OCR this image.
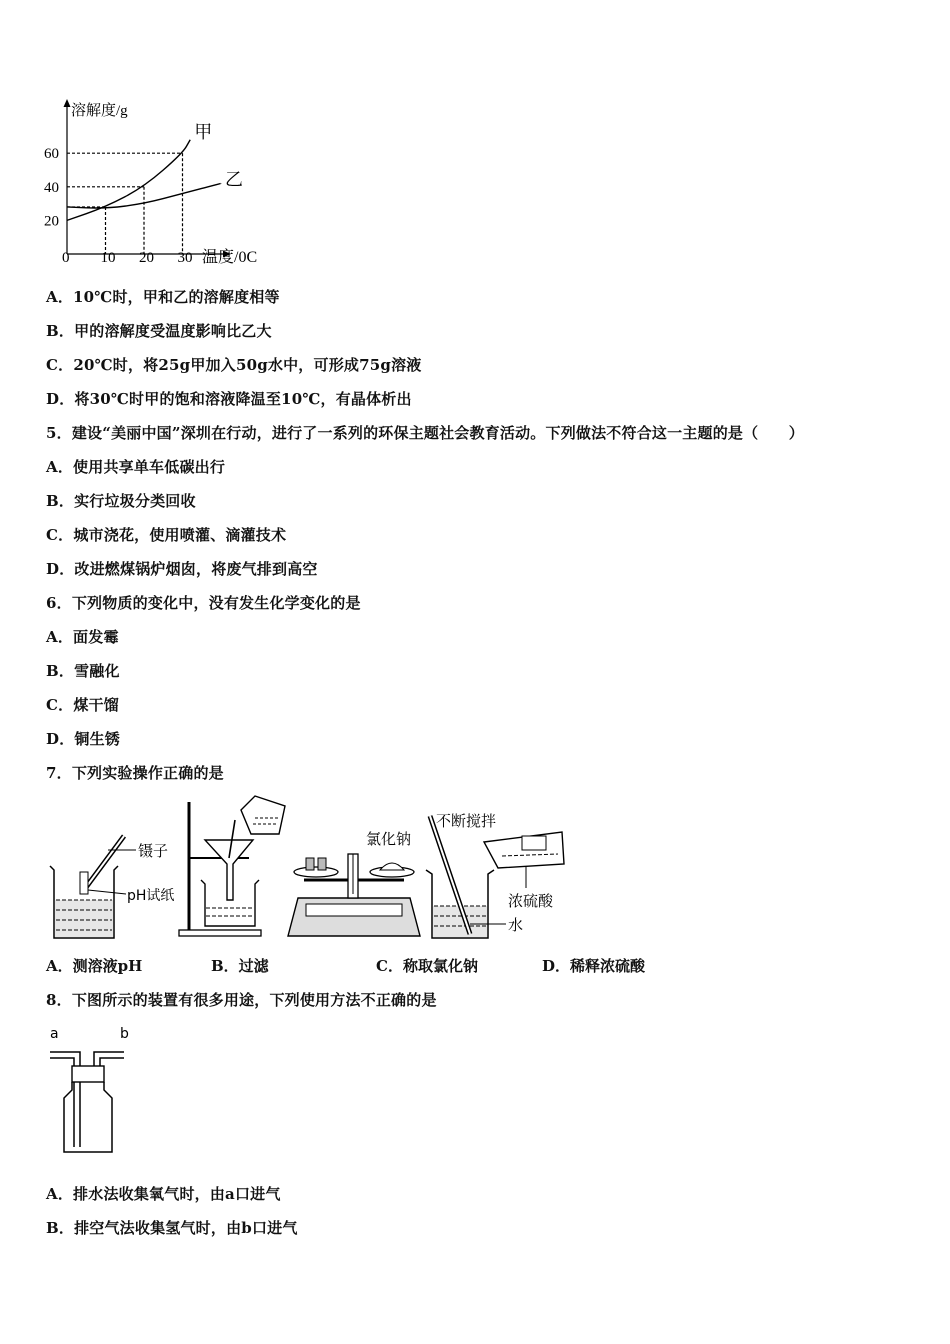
溶解度/g
温度/0C
0 10 20 30
20
40
60
甲
乙
A．10℃时，甲和乙的溶解度相等
B．甲的溶解度受温度影响比乙大
C．20℃时，将25g甲加入50g水中，可形成75g溶液
D．将30℃时甲的饱和溶液降温至10℃，有晶体析出
5．建设“美丽中国”深圳在行动，进行了一系列的环保主题社会教育活动。下列做法不符合这一主题的是（　　）
A．使用共享单车低碳出行
B．实行垃圾分类回收
C．城市浇花，使用喷灌、滴灌技术
D．改进燃煤锅炉烟囱，将废气排到高空
6．下列物质的变化中，没有发生化学变化的是
A．面发霉
B．雪融化
C．煤干馏
D．铜生锈
7．下列实验操作正确的是
镊子
pH试纸
氯化钠
不断搅拌
浓硫酸
水
A．测溶液pH	B．过滤	C．称取氯化钠	D．稀释浓硫酸
8．下图所示的装置有很多用途，下列使用方法不正确的是
a	b
A．排水法收集氧气时，由a口进气
B．排空气法收集氢气时，由b口进气
